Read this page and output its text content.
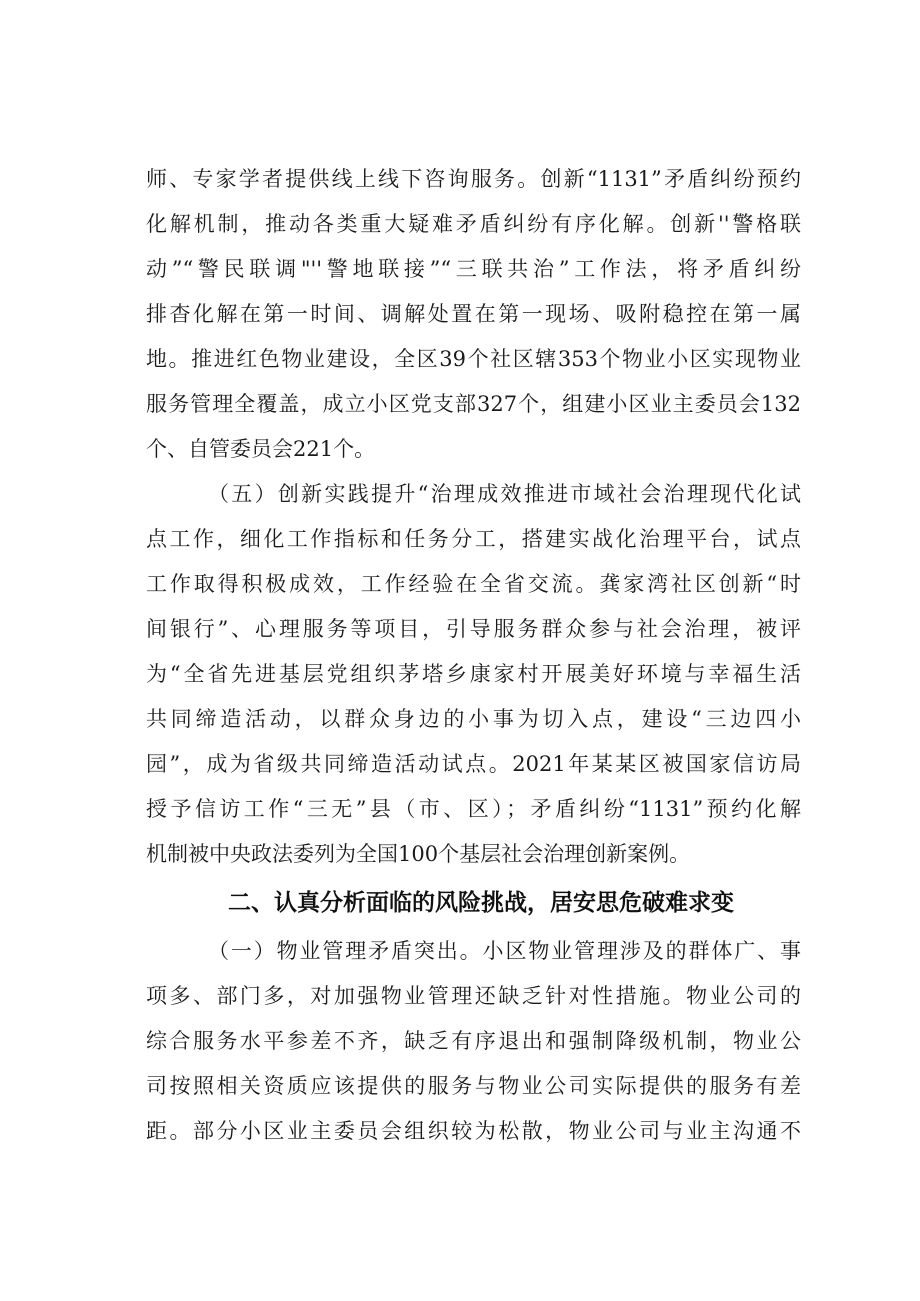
师、专家学者提供线上线下咨询服务。创新“1131”矛盾纠纷预约
化解机制，推动各类重大疑难矛盾纠纷有序化解。创新''警格联
动”“警民联调"''警地联接”“三联共治”工作法，将矛盾纠纷
排杳化解在第一时间、调解处置在第一现场、吸附稳控在第一属
地。推进红色物业建设，全区39个社区辖353个物业小区实现物业
服务管理全覆盖，成立小区党支部327个，组建小区业主委员会132
个、自管委员会221个。
（五）创新实践提升“治理成效推进市域社会治理现代化试
点工作，细化工作指标和任务分工，搭建实战化治理平台，试点
工作取得积极成效，工作经验在全省交流。龚家湾社区创新“时
间银行”、心理服务等项目，引导服务群众参与社会治理，被评
为“全省先进基层党组织茅塔乡康家村开展美好环境与幸福生活
共同缔造活动，以群众身边的小事为切入点，建设“三边四小
园”，成为省级共同缔造活动试点。2021年某某区被国家信访局
授予信访工作“三无”县（市、区）；矛盾纠纷“1131”预约化解
机制被中央政法委列为全国100个基层社会治理创新案例。
二、认真分析面临的风险挑战，居安思危破难求变
（一）物业管理矛盾突出。小区物业管理涉及的群体广、事
项多、部门多，对加强物业管理还缺乏针对性措施。物业公司的
综合服务水平参差不齐，缺乏有序退出和强制降级机制，物业公
司按照相关资质应该提供的服务与物业公司实际提供的服务有差
距。部分小区业主委员会组织较为松散，物业公司与业主沟通不
